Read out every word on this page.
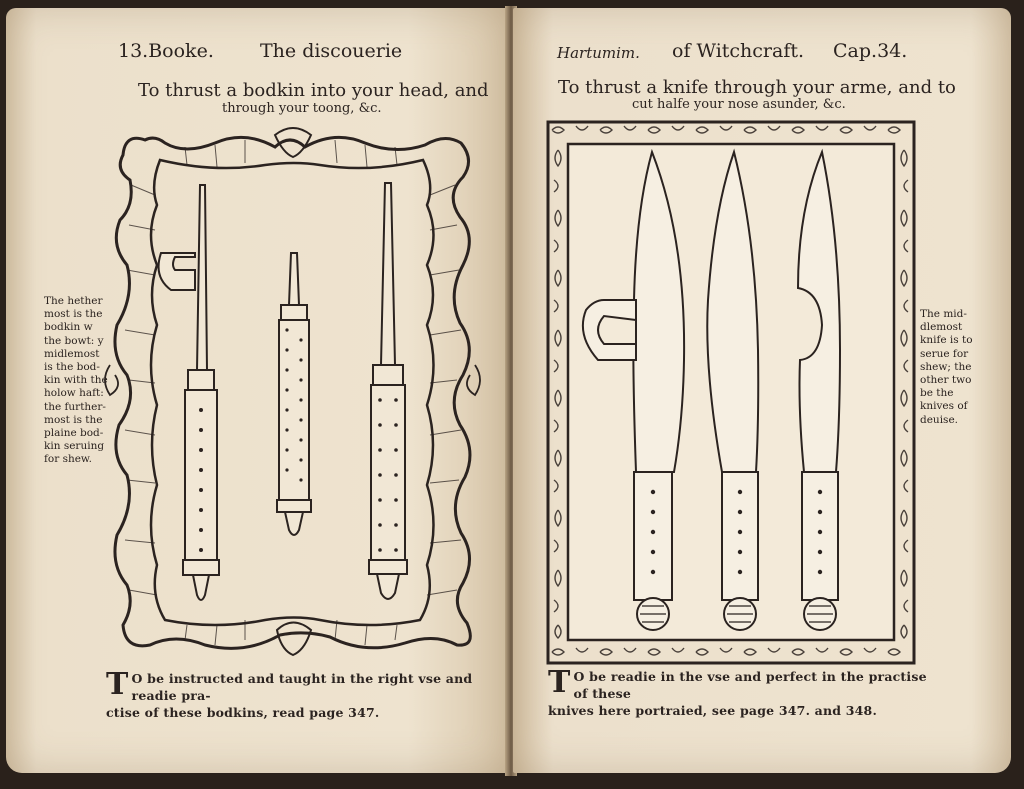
13.Booke. The discouerie
To thrust a bodkin into your head, and
through your toong, &c.
The hether
most is the
bodkin w
the bowt: y
midlemost
is the bod-
kin with the
holow haft:
the further-
most is the
plaine bod-
kin seruing
for shew.
T O be instructed and taught in the right vse and readie pra-
ctise of these bodkins, read page 347.
Hartumim. of Witchcraft. Cap.34.
To thrust a knife through your arme, and to
cut halfe your nose asunder, &c.
The mid-
dlemost
knife is to
serue for
shew; the
other two
be the
knives of
deuise.
T O be readie in the vse and perfect in the practise of these
knives here portraied, see page 347. and 348.
